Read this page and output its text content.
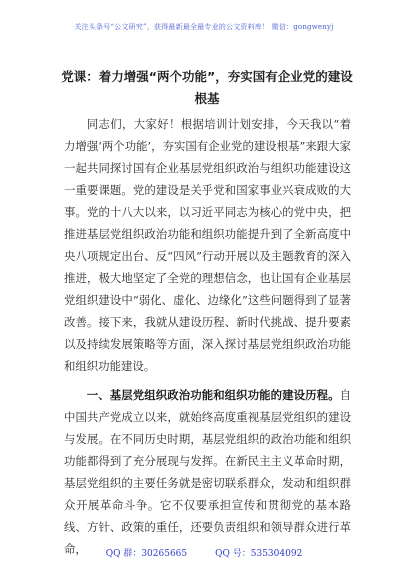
关注头条号“公文研究”，获得最新最全最专业的公文资料库！ 微信：gongwenyj
党课：着力增强“两个功能”，夯实国有企业党的建设根基

同志们，大家好！根据培训计划安排，今天我以“着力增强‘两个功能’，夯实国有企业党的建设根基”来跟大家一起共同探讨国有企业基层党组织政治与组织功能建设这一重要课题。党的建设是关乎党和国家事业兴衰成败的大事。党的十八大以来，以习近平同志为核心的党中央，把推进基层党组织政治功能和组织功能提升到了全新高度中央八项规定出台、反“四风”行动开展以及主题教育的深入推进，极大地坚定了全党的理想信念，也让国有企业基层党组织建设中“弱化、虚化、边缘化”这些问题得到了显著改善。接下来，我就从建设历程、新时代挑战、提升要素以及持续发展策略等方面，深入探讨基层党组织政治功能和组织功能建设。

一、基层党组织政治功能和组织功能的建设历程。自中国共产党成立以来，就始终高度重视基层党组织的建设与发展。在不同历史时期，基层党组织的政治功能和组织功能都得到了充分展现与发挥。在新民主主义革命时期，基层党组织的主要任务就是密切联系群众，发动和组织群众开展革命斗争。它不仅要承担宣传和贯彻党的基本路线、方针、政策的重任，还要负责组织和领导群众进行革命，	QQ 群：30265665	QQ 号：535304092
